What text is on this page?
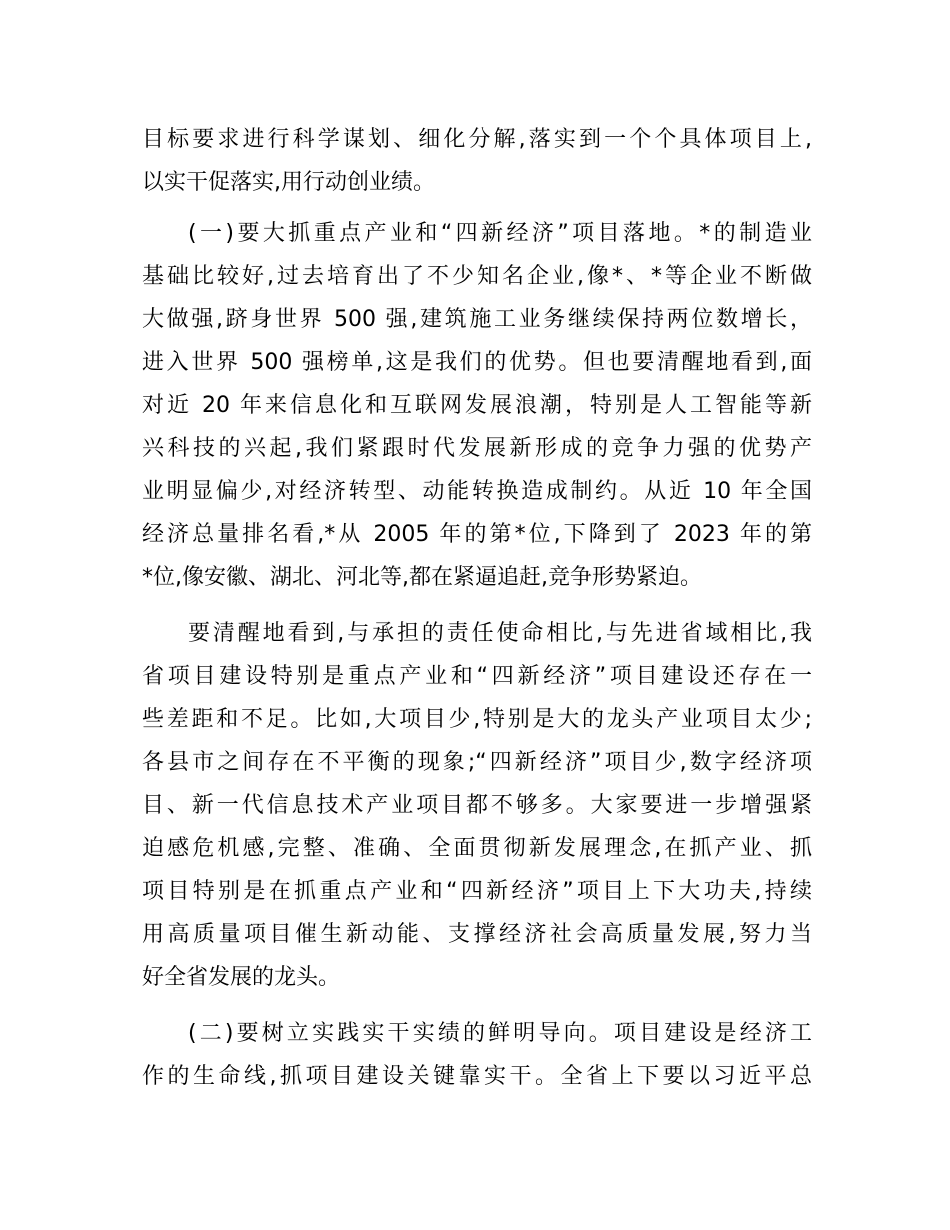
目标要求进行科学谋划、细化分解,落实到一个个具体项目上,
以实干促落实,用行动创业绩。
(一)要大抓重点产业和“四新经济”项目落地。*的制造业
基础比较好,过去培育出了不少知名企业,像*、*等企业不断做
大做强,跻身世界 500 强,建筑施工业务继续保持两位数增长，
进入世界 500 强榜单,这是我们的优势。但也要清醒地看到,面
对近 20 年来信息化和互联网发展浪潮，特别是人工智能等新
兴科技的兴起,我们紧跟时代发展新形成的竞争力强的优势产
业明显偏少,对经济转型、动能转换造成制约。从近 10 年全国
经济总量排名看,*从 2005 年的第*位,下降到了 2023 年的第
*位,像安徽、湖北、河北等,都在紧逼追赶,竞争形势紧迫。
要清醒地看到,与承担的责任使命相比,与先进省域相比,我
省项目建设特别是重点产业和“四新经济”项目建设还存在一
些差距和不足。比如,大项目少,特别是大的龙头产业项目太少;
各县市之间存在不平衡的现象;“四新经济”项目少,数字经济项
目、新一代信息技术产业项目都不够多。大家要进一步增强紧
迫感危机感,完整、准确、全面贯彻新发展理念,在抓产业、抓
项目特别是在抓重点产业和“四新经济”项目上下大功夫,持续
用高质量项目催生新动能、支撑经济社会高质量发展,努力当
好全省发展的龙头。
(二)要树立实践实干实绩的鲜明导向。项目建设是经济工
作的生命线,抓项目建设关键靠实干。全省上下要以习近平总
